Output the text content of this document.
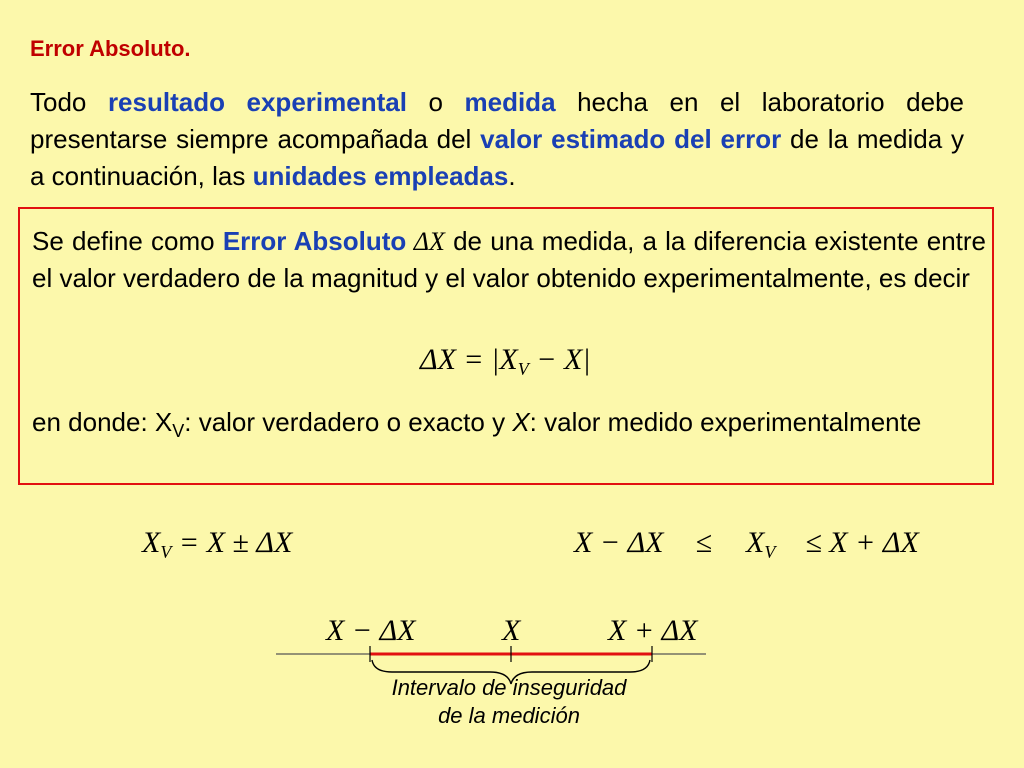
Error Absoluto.
Todo resultado experimental o medida hecha en el laboratorio debe presentarse siempre acompañada del valor estimado del error de la medida y a continuación, las unidades empleadas.
Se define como Error Absoluto ΔX de una medida, a la diferencia existente entre el valor verdadero de la magnitud y el valor obtenido experimentalmente, es decir
$\Delta X = |X_V - X|$
en donde: $X_V$: valor verdadero o exacto y X: valor medido experimentalmente
$X_V = X \pm \Delta X$	$X - \Delta X \le X_V \le X + \Delta X$
X − ΔX	X	X + ΔX
Intervalo de inseguridad
de la medición
